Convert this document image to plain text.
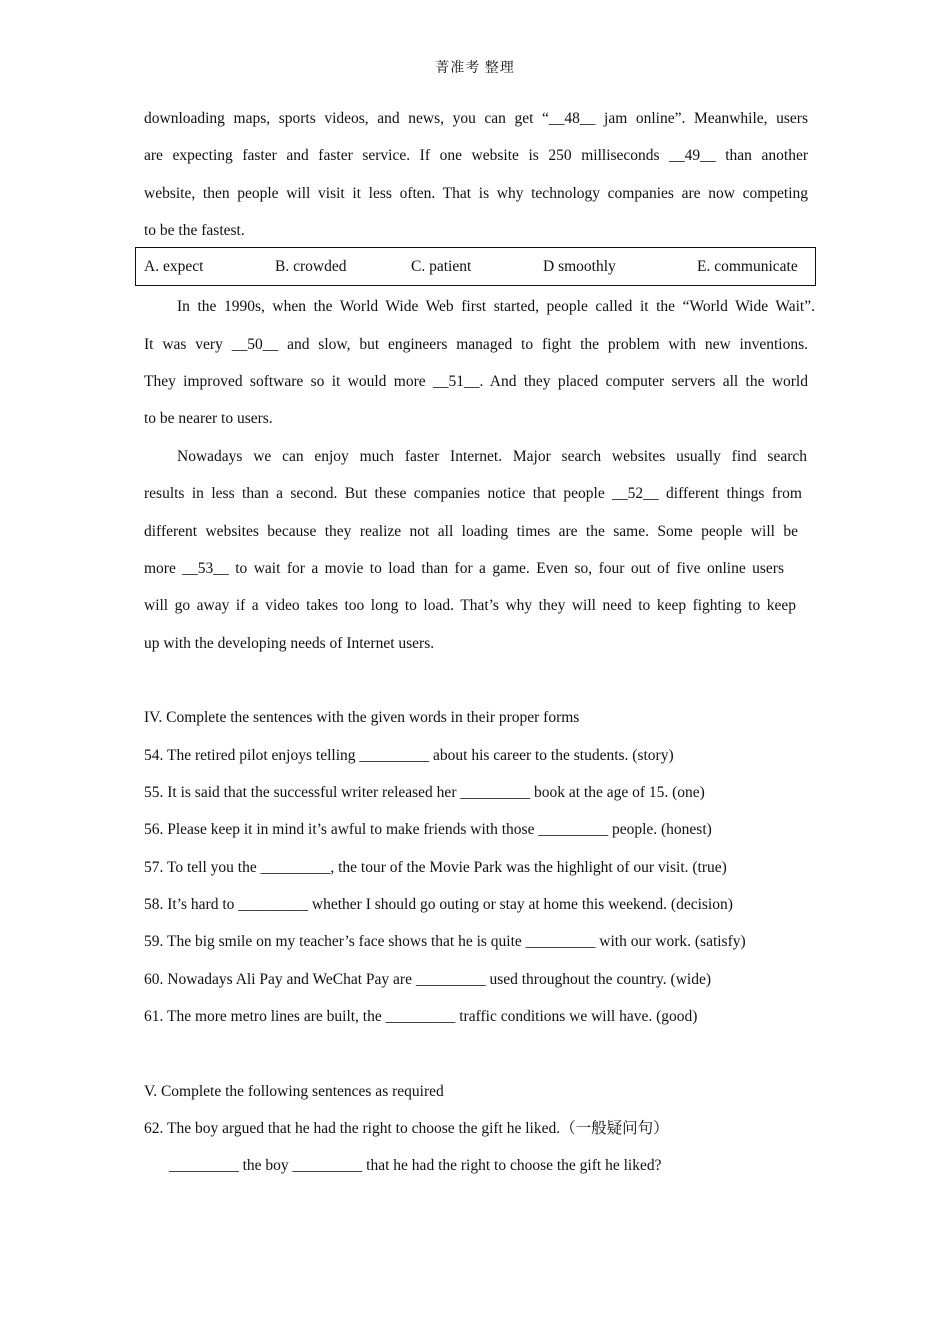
菁准考 整理

downloading maps, sports videos, and news, you can get “__48__ jam online”. Meanwhile, users

are expecting faster and faster service. If one website is 250 milliseconds __49__ than another

website, then people will visit it less often. That is why technology companies are now competing

to be the fastest.

A. expect	B. crowded	C. patient	D smoothly	E. communicate

In the 1990s, when the World Wide Web first started, people called it the “World Wide Wait”.

It was very __50__ and slow, but engineers managed to fight the problem with new inventions.

They improved software so it would more __51__. And they placed computer servers all the world

to be nearer to users.

Nowadays we can enjoy much faster Internet. Major search websites usually find search

results in less than a second. But these companies notice that people __52__ different things from

different websites because they realize not all loading times are the same. Some people will be

more __53__ to wait for a movie to load than for a game. Even so, four out of five online users

will go away if a video takes too long to load. That’s why they will need to keep fighting to keep

up with the developing needs of Internet users.

IV. Complete the sentences with the given words in their proper forms

54. The retired pilot enjoys telling _________ about his career to the students. (story)

55. It is said that the successful writer released her _________ book at the age of 15. (one)

56. Please keep it in mind it’s awful to make friends with those _________ people. (honest)

57. To tell you the _________, the tour of the Movie Park was the highlight of our visit. (true)

58. It’s hard to _________ whether I should go outing or stay at home this weekend. (decision)

59. The big smile on my teacher’s face shows that he is quite _________ with our work. (satisfy)

60. Nowadays Ali Pay and WeChat Pay are _________ used throughout the country. (wide)

61. The more metro lines are built, the _________ traffic conditions we will have. (good)

V. Complete the following sentences as required

62. The boy argued that he had the right to choose the gift he liked.（一般疑问句）

_________ the boy _________ that he had the right to choose the gift he liked?
